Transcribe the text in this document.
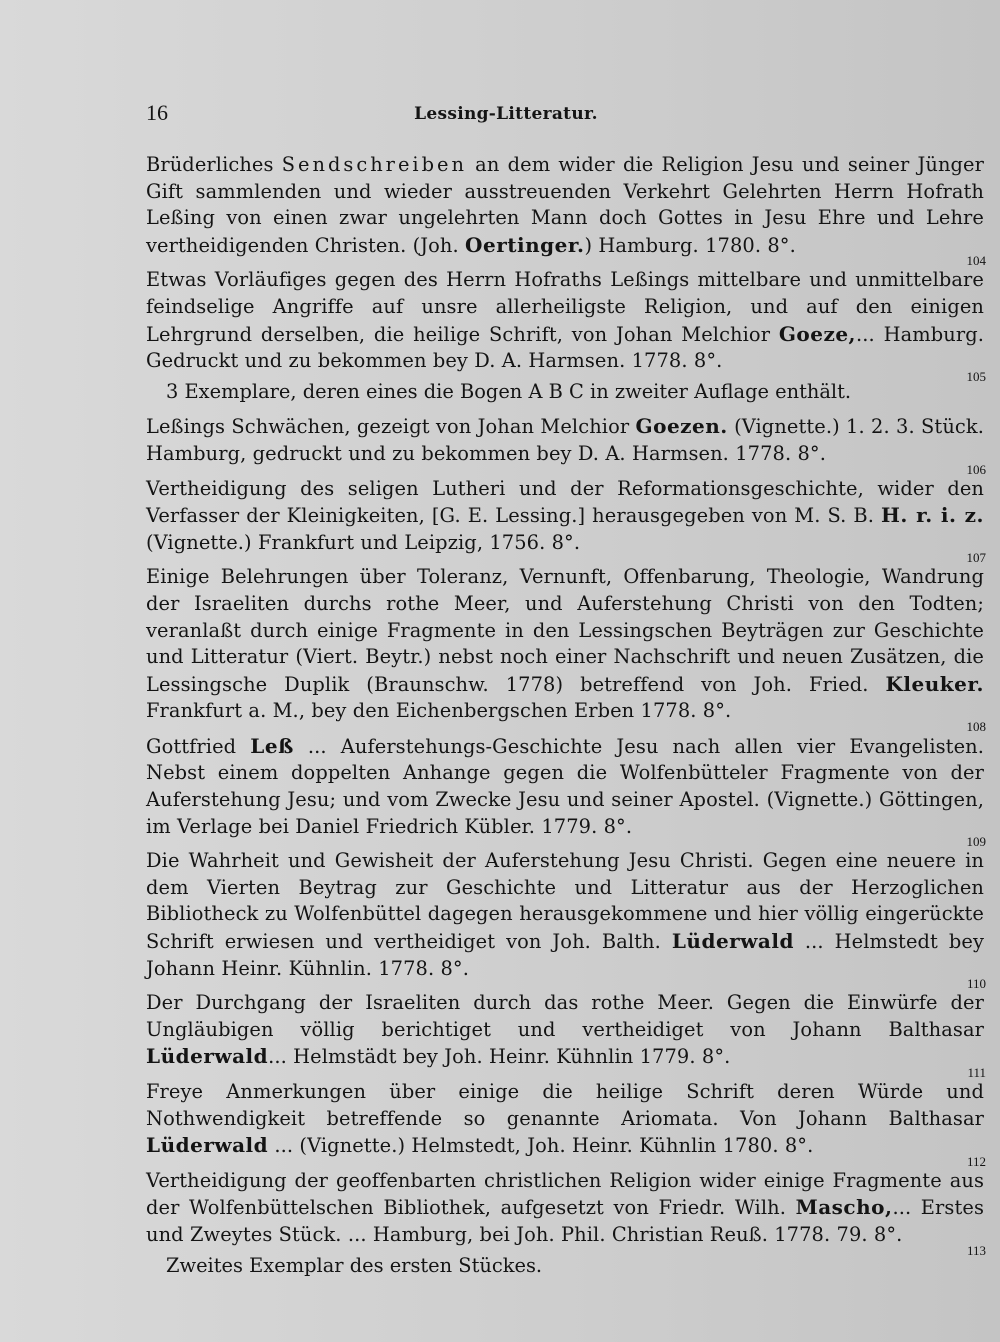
16	Lessing-Litteratur.

Brüderliches Sendschreiben an dem wider die Religion Jesu und seiner Jünger Gift sammlenden und wieder ausstreuenden Verkehrt Gelehrten Herrn Hofrath Leßing von einen zwar ungelehrten Mann doch Gottes in Jesu Ehre und Lehre vertheidigenden Christen. (Joh. Oertinger.) Hamburg. 1780. 8°.

104

Etwas Vorläufiges gegen des Herrn Hofraths Leßings mittelbare und unmittelbare feindselige Angriffe auf unsre allerheiligste Religion, und auf den einigen Lehrgrund derselben, die heilige Schrift, von Johan Melchior Goeze,... Hamburg. Gedruckt und zu bekommen bey D. A. Harmsen. 1778. 8°.

105

3 Exemplare, deren eines die Bogen A B C in zweiter Auflage enthält.

Leßings Schwächen, gezeigt von Johan Melchior Goezen. (Vignette.) 1. 2. 3. Stück. Hamburg, gedruckt und zu bekommen bey D. A. Harmsen. 1778. 8°.

106

Vertheidigung des seligen Lutheri und der Reformationsgeschichte, wider den Verfasser der Kleinigkeiten, [G. E. Lessing.] herausgegeben von M. S. B. H. r. i. z. (Vignette.) Frankfurt und Leipzig, 1756. 8°.

107

Einige Belehrungen über Toleranz, Vernunft, Offenbarung, Theologie, Wandrung der Israeliten durchs rothe Meer, und Auferstehung Christi von den Todten; veranlaßt durch einige Fragmente in den Lessingschen Beyträgen zur Geschichte und Litteratur (Viert. Beytr.) nebst noch einer Nachschrift und neuen Zusätzen, die Lessingsche Duplik (Braunschw. 1778) betreffend von Joh. Fried. Kleuker. Frankfurt a. M., bey den Eichenbergschen Erben 1778. 8°.

108

Gottfried Leß ... Auferstehungs-Geschichte Jesu nach allen vier Evangelisten. Nebst einem doppelten Anhange gegen die Wolfenbütteler Fragmente von der Auferstehung Jesu; und vom Zwecke Jesu und seiner Apostel. (Vignette.) Göttingen, im Verlage bei Daniel Friedrich Kübler. 1779. 8°.

109

Die Wahrheit und Gewisheit der Auferstehung Jesu Christi. Gegen eine neuere in dem Vierten Beytrag zur Geschichte und Litteratur aus der Herzoglichen Bibliotheck zu Wolfenbüttel dagegen herausgekommene und hier völlig eingerückte Schrift erwiesen und vertheidiget von Joh. Balth. Lüderwald ... Helmstedt bey Johann Heinr. Kühnlin. 1778. 8°.

110

Der Durchgang der Israeliten durch das rothe Meer. Gegen die Einwürfe der Ungläubigen völlig berichtiget und vertheidiget von Johann Balthasar Lüderwald... Helmstädt bey Joh. Heinr. Kühnlin 1779. 8°.

111

Freye Anmerkungen über einige die heilige Schrift deren Würde und Nothwendigkeit betreffende so genannte Ariomata. Von Johann Balthasar Lüderwald ... (Vignette.) Helmstedt, Joh. Heinr. Kühnlin 1780. 8°.

112

Vertheidigung der geoffenbarten christlichen Religion wider einige Fragmente aus der Wolfenbüttelschen Bibliothek, aufgesetzt von Friedr. Wilh. Mascho,... Erstes und Zweytes Stück. ... Hamburg, bei Joh. Phil. Christian Reuß. 1778. 79. 8°.

113

Zweites Exemplar des ersten Stückes.
